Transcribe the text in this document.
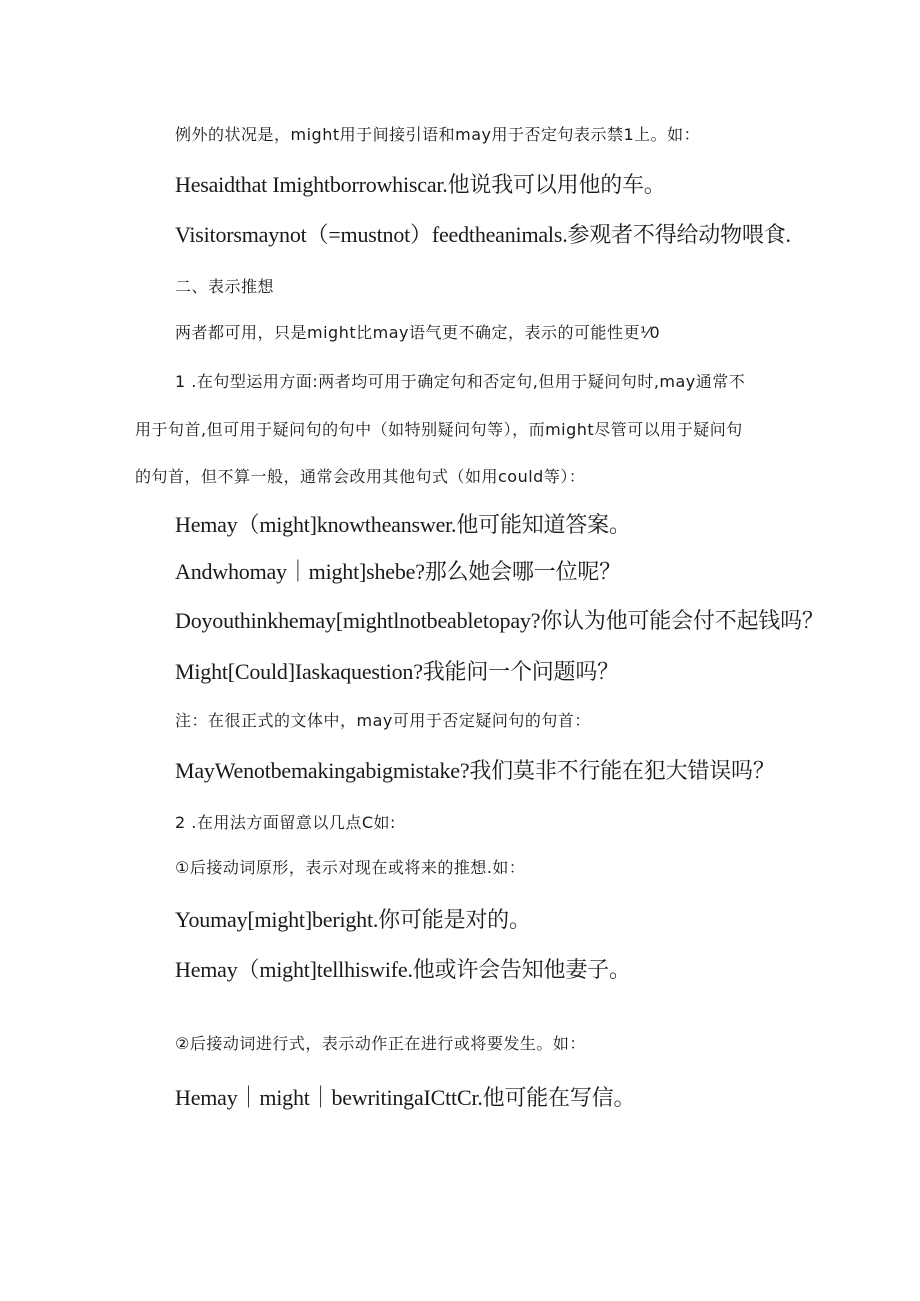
例外的状况是，might用于间接引语和may用于否定句表示禁1上。如：
Hesaidthat Imightborrowhiscar.他说我可以用他的车。
Visitorsmaynot（=mustnot）feedtheanimals.参观者不得给动物喂食.
二、表示推想
两者都可用，只是might比may语气更不确定，表示的可能性更⅟0
1 .在句型运用方面:两者均可用于确定句和否定句,但用于疑问句时,may通常不
用于句首,但可用于疑问句的句中（如特别疑问句等），而might尽管可以用于疑问句
的句首，但不算一般，通常会改用其他句式（如用could等）：
Hemay（might]knowtheanswer.他可能知道答案。
Andwhomay｜might]shebe?那么她会哪一位呢？
Doyouthinkhemay[mightlnotbeabletopay?你认为他可能会付不起钱吗？
Might[Could]Iaskaquestion?我能问一个问题吗？
注：在很正式的文体中，may可用于否定疑问句的句首：
MayWenotbemakingabigmistake?我们莫非不行能在犯大错误吗？
2 .在用法方面留意以几点C如:
①后接动词原形，表示对现在或将来的推想.如：
Youmay[might]beright.你可能是对的。
Hemay（might]tellhiswife.他或许会告知他妻子。
②后接动词进行式，表示动作正在进行或将要发生。如：
Hemay｜might｜bewritingaICttCr.他可能在写信。
